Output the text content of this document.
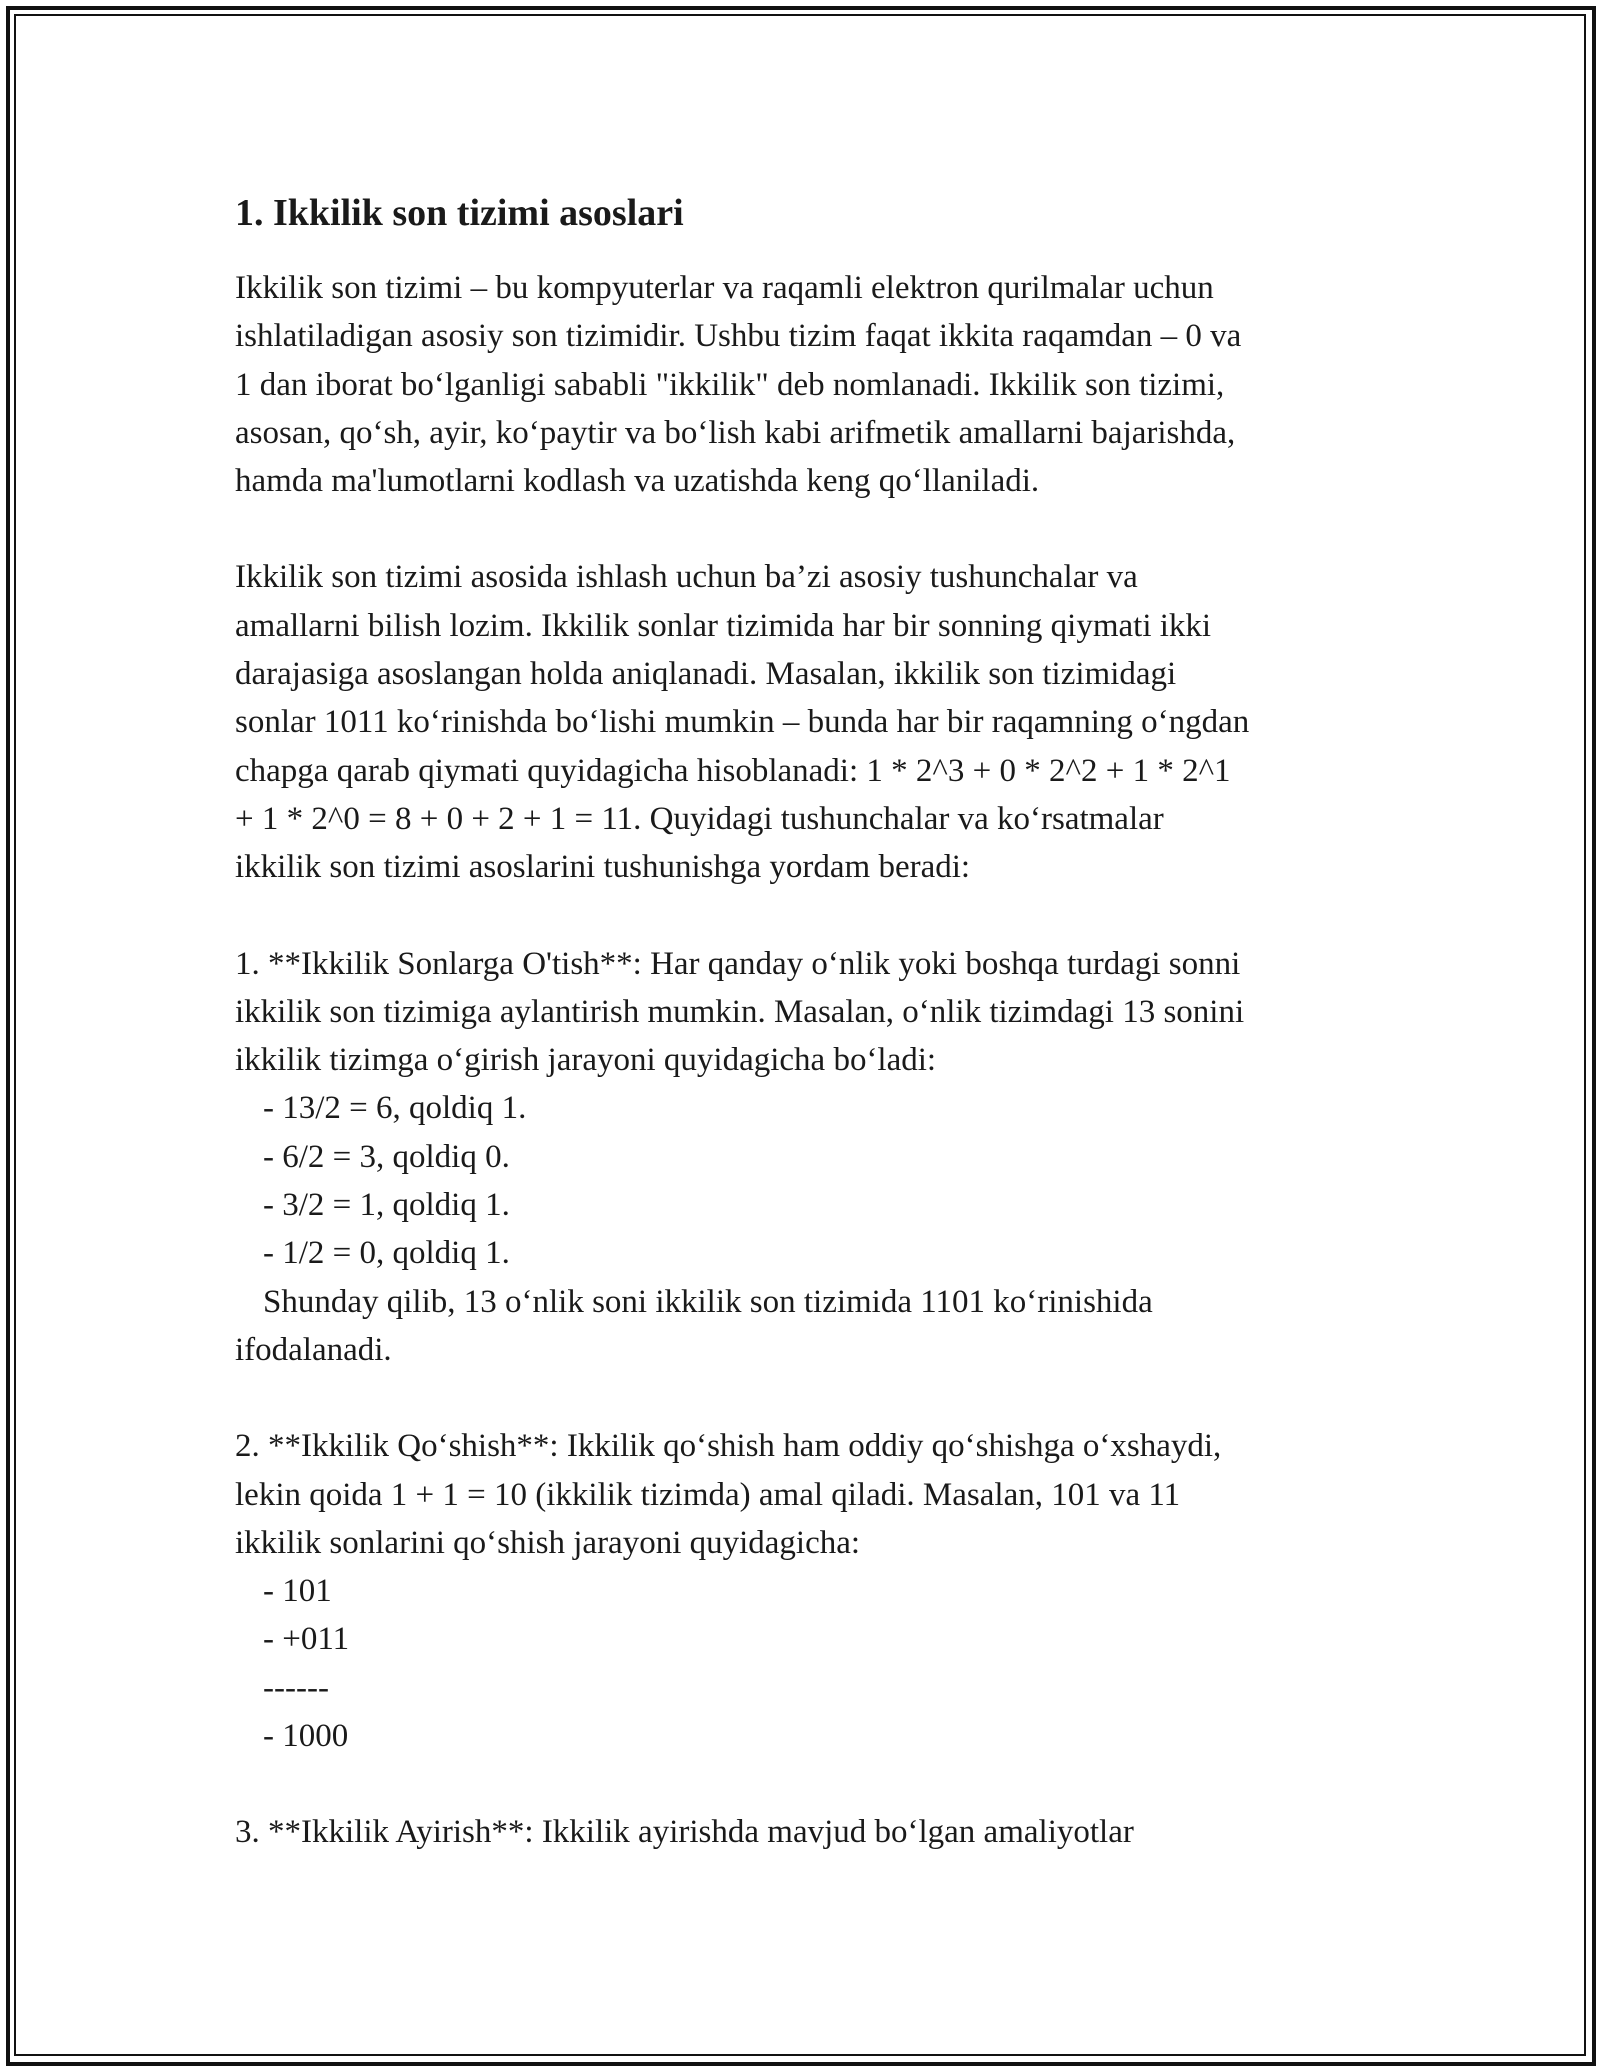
1. Ikkilik son tizimi asoslari
Ikkilik son tizimi – bu kompyuterlar va raqamli elektron qurilmalar uchun
ishlatiladigan asosiy son tizimidir. Ushbu tizim faqat ikkita raqamdan – 0 va
1 dan iborat bo‘lganligi sababli "ikkilik" deb nomlanadi. Ikkilik son tizimi,
asosan, qo‘sh, ayir, ko‘paytir va bo‘lish kabi arifmetik amallarni bajarishda,
hamda ma'lumotlarni kodlash va uzatishda keng qo‘llaniladi.
Ikkilik son tizimi asosida ishlash uchun ba’zi asosiy tushunchalar va
amallarni bilish lozim. Ikkilik sonlar tizimida har bir sonning qiymati ikki
darajasiga asoslangan holda aniqlanadi. Masalan, ikkilik son tizimidagi
sonlar 1011 ko‘rinishda bo‘lishi mumkin – bunda har bir raqamning o‘ngdan
chapga qarab qiymati quyidagicha hisoblanadi: 1 * 2^3 + 0 * 2^2 + 1 * 2^1
+ 1 * 2^0 = 8 + 0 + 2 + 1 = 11. Quyidagi tushunchalar va ko‘rsatmalar
ikkilik son tizimi asoslarini tushunishga yordam beradi:
1. **Ikkilik Sonlarga O'tish**: Har qanday o‘nlik yoki boshqa turdagi sonni
ikkilik son tizimiga aylantirish mumkin. Masalan, o‘nlik tizimdagi 13 sonini
ikkilik tizimga o‘girish jarayoni quyidagicha bo‘ladi:
- 13/2 = 6, qoldiq 1.
- 6/2 = 3, qoldiq 0.
- 3/2 = 1, qoldiq 1.
- 1/2 = 0, qoldiq 1.
Shunday qilib, 13 o‘nlik soni ikkilik son tizimida 1101 ko‘rinishida
ifodalanadi.
2. **Ikkilik Qo‘shish**: Ikkilik qo‘shish ham oddiy qo‘shishga o‘xshaydi,
lekin qoida 1 + 1 = 10 (ikkilik tizimda) amal qiladi. Masalan, 101 va 11
ikkilik sonlarini qo‘shish jarayoni quyidagicha:
- 101
- +011
------
- 1000
3. **Ikkilik Ayirish**: Ikkilik ayirishda mavjud bo‘lgan amaliyotlar
